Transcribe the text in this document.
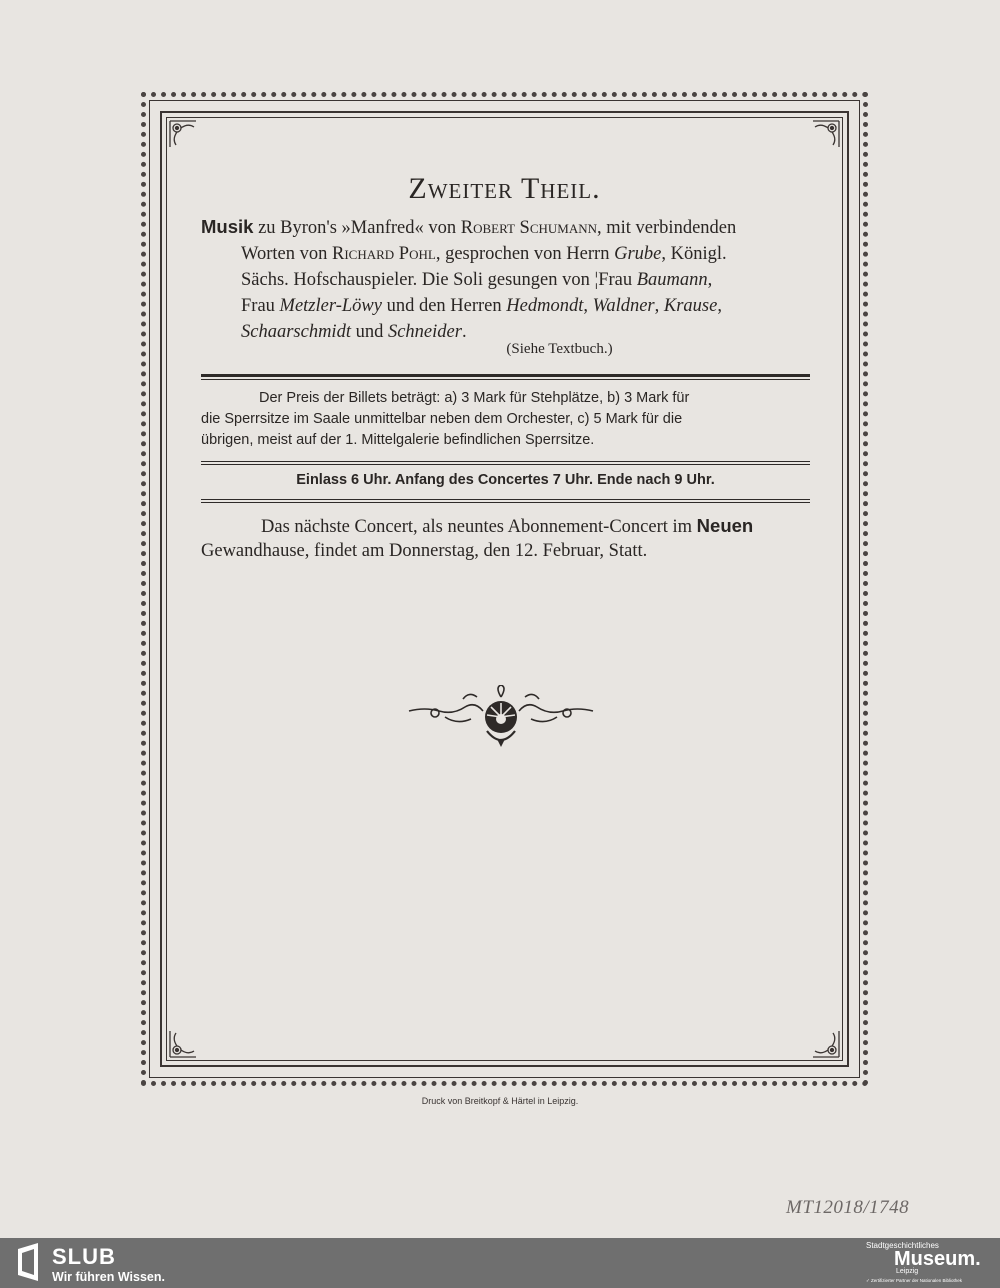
Zweiter Theil.
Musik zu Byron's »Manfred« von Robert Schumann, mit verbindenden
Worten von Richard Pohl, gesprochen von Herrn Grube, Königl.
Sächs. Hofschauspieler. Die Soli gesungen von ¦Frau Baumann,
Frau Metzler-Löwy und den Herren Hedmondt, Waldner, Krause,
Schaarschmidt und Schneider.
(Siehe Textbuch.)
Der Preis der Billets beträgt: a) 3 Mark für Stehplätze, b) 3 Mark für
die Sperrsitze im Saale unmittelbar neben dem Orchester, c) 5 Mark für die
übrigen, meist auf der 1. Mittelgalerie befindlichen Sperrsitze.
Einlass 6 Uhr. Anfang des Concertes 7 Uhr. Ende nach 9 Uhr.
Das nächste Concert, als neuntes Abonnement-Concert im Neuen
Gewandhause, findet am Donnerstag, den 12. Februar, Statt.
Druck von Breitkopf & Härtel in Leipzig.
MT12018/1748
SLUB
Wir führen Wissen.
Stadtgeschichtliches
Museum.
Leipzig
✓ Zertifizierter Partner der Nationalen Bibliothek
